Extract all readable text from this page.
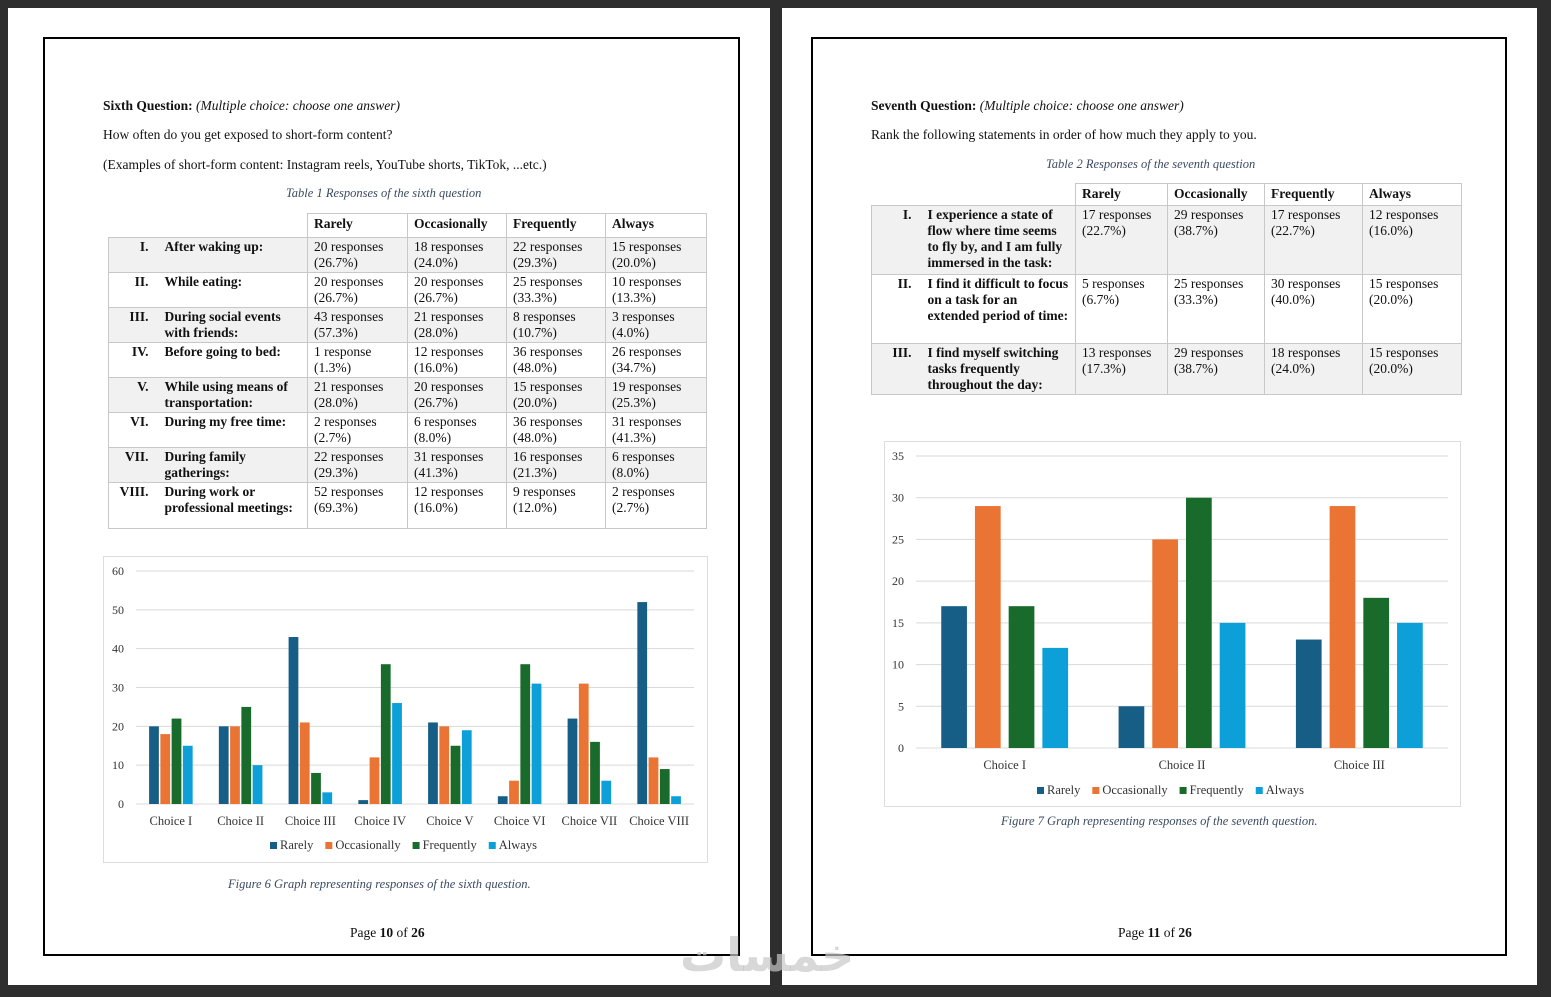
Sixth Question: (Multiple choice: choose one answer)
How often do you get exposed to short-form content?
(Examples of short-form content: Instagram reels, YouTube shorts, TikTok, ...etc.)
Table 1 Responses of the sixth question
		Rarely	Occasionally	Frequently	Always
I.	After waking up:	20 responses (26.7%)	18 responses (24.0%)	22 responses (29.3%)	15 responses (20.0%)
II.	While eating:	20 responses (26.7%)	20 responses (26.7%)	25 responses (33.3%)	10 responses (13.3%)
III.	During social events with friends:	43 responses (57.3%)	21 responses (28.0%)	8 responses (10.7%)	3 responses (4.0%)
IV.	Before going to bed:	1 response (1.3%)	12 responses (16.0%)	36 responses (48.0%)	26 responses (34.7%)
V.	While using means of transportation:	21 responses (28.0%)	20 responses (26.7%)	15 responses (20.0%)	19 responses (25.3%)
VI.	During my free time:	2 responses (2.7%)	6 responses (8.0%)	36 responses (48.0%)	31 responses (41.3%)
VII.	During family gatherings:	22 responses (29.3%)	31 responses (41.3%)	16 responses (21.3%)	6 responses (8.0%)
VIII.	During work or professional meetings:	52 responses (69.3%)	12 responses (16.0%)	9 responses (12.0%)	2 responses (2.7%)
0
10
20
30
40
50
60
Choice I Choice II Choice III Choice IV Choice V Choice VI Choice VII Choice VIII
Rarely Occasionally Frequently Always
Figure 6 Graph representing responses of the sixth question.
Page 10 of 26
Seventh Question: (Multiple choice: choose one answer)
Rank the following statements in order of how much they apply to you.
Table 2 Responses of the seventh question
		Rarely	Occasionally	Frequently	Always
I.	I experience a state of flow where time seems to fly by, and I am fully immersed in the task:	17 responses (22.7%)	29 responses (38.7%)	17 responses (22.7%)	12 responses (16.0%)
II.	I find it difficult to focus on a task for an extended period of time:	5 responses (6.7%)	25 responses (33.3%)	30 responses (40.0%)	15 responses (20.0%)
III.	I find myself switching tasks frequently throughout the day:	13 responses (17.3%)	29 responses (38.7%)	18 responses (24.0%)	15 responses (20.0%)
0
5
10
15
20
25
30
35
Choice I	Choice II	Choice III
Rarely Occasionally Frequently Always
Figure 7 Graph representing responses of the seventh question.
Page 11 of 26
خمسات
